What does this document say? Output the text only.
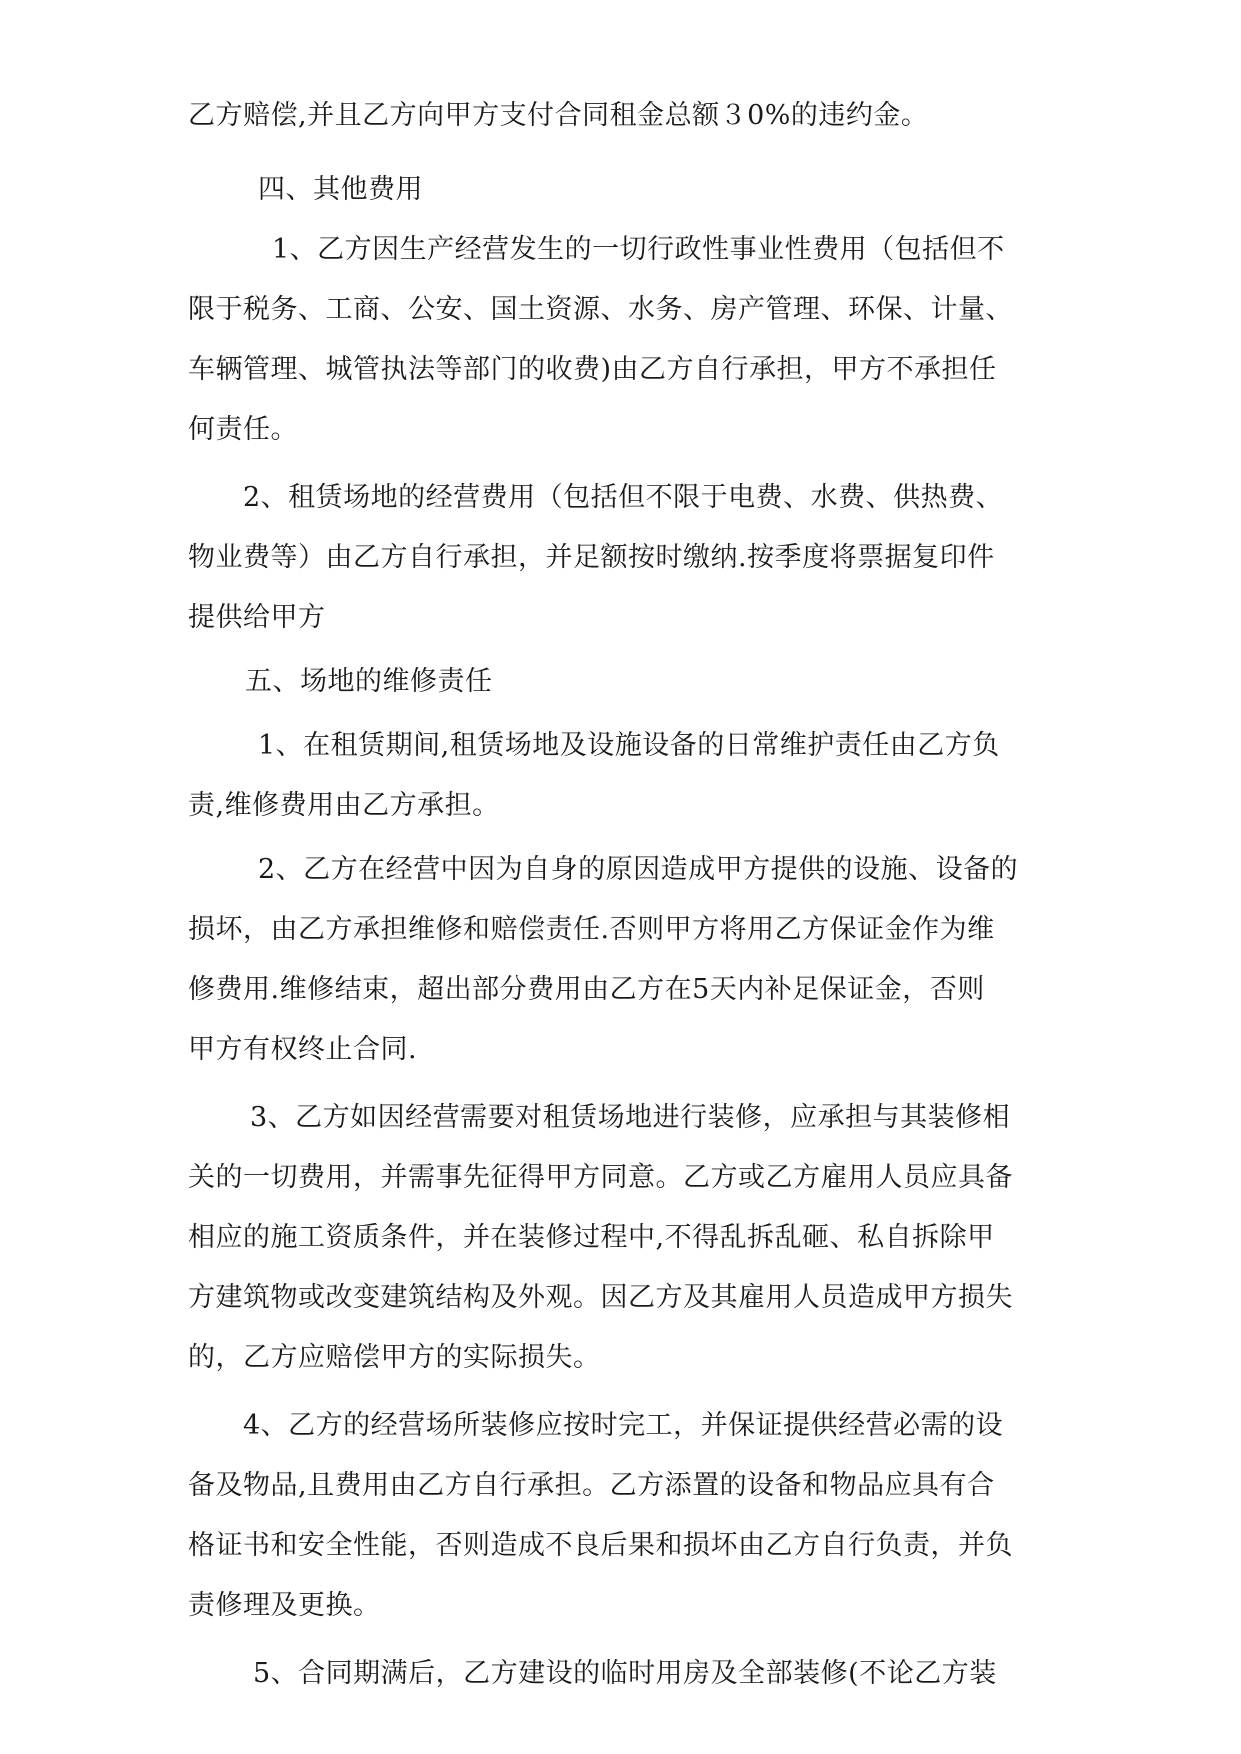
乙方赔偿,并且乙方向甲方支付合同租金总额３0%的违约金。
四、其他费用
1、乙方因生产经营发生的一切行政性事业性费用（包括但不
限于税务、工商、公安、国土资源、水务、房产管理、环保、计量、
车辆管理、城管执法等部门的收费)由乙方自行承担，甲方不承担任
何责任。
2、租赁场地的经营费用（包括但不限于电费、水费、供热费、
物业费等）由乙方自行承担，并足额按时缴纳.按季度将票据复印件
提供给甲方
五、场地的维修责任
1、在租赁期间,租赁场地及设施设备的日常维护责任由乙方负
责,维修费用由乙方承担。
2、乙方在经营中因为自身的原因造成甲方提供的设施、设备的
损坏，由乙方承担维修和赔偿责任.否则甲方将用乙方保证金作为维
修费用.维修结束，超出部分费用由乙方在5天内补足保证金，否则
甲方有权终止合同.
3、乙方如因经营需要对租赁场地进行装修，应承担与其装修相
关的一切费用，并需事先征得甲方同意。乙方或乙方雇用人员应具备
相应的施工资质条件，并在装修过程中,不得乱拆乱砸、私自拆除甲
方建筑物或改变建筑结构及外观。因乙方及其雇用人员造成甲方损失
的，乙方应赔偿甲方的实际损失。
4、乙方的经营场所装修应按时完工，并保证提供经营必需的设
备及物品,且费用由乙方自行承担。乙方添置的设备和物品应具有合
格证书和安全性能，否则造成不良后果和损坏由乙方自行负责，并负
责修理及更换。
5、合同期满后，乙方建设的临时用房及全部装修(不论乙方装
